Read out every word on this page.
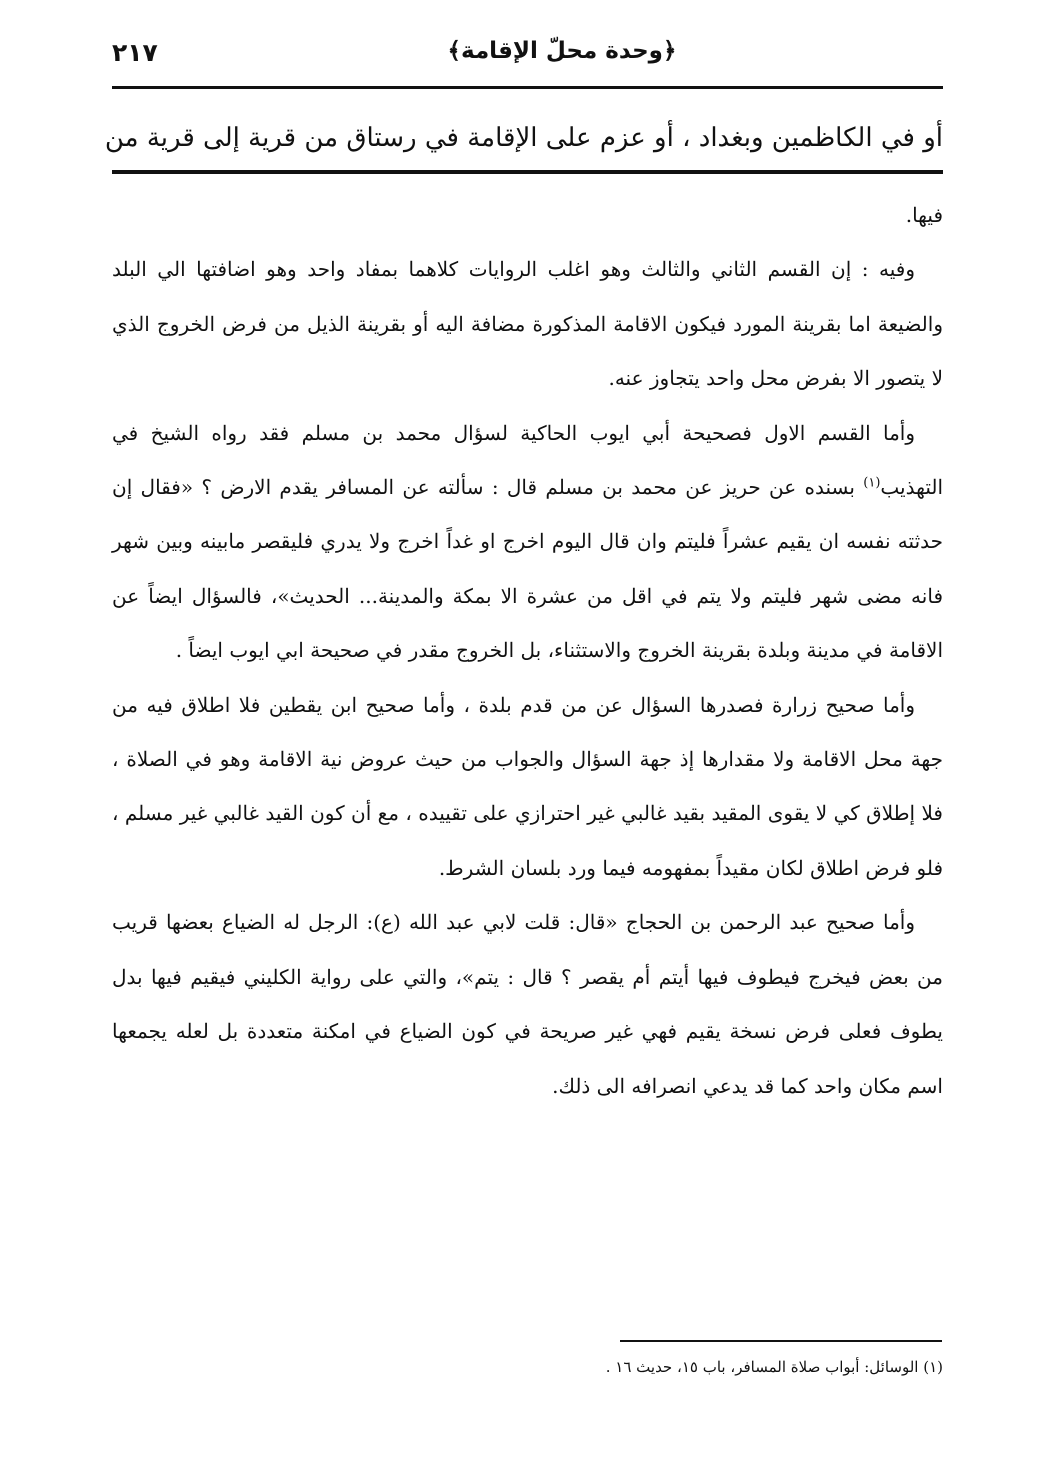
٢١٧	﴿وحدة محلّ الإقامة﴾
أو في الكاظمين وبغداد ، أو عزم على الإقامة في رستاق من قرية إلى قرية من

فيها.

وفيه : إن القسم الثاني والثالث وهو اغلب الروايات كلاهما بمفاد واحد وهو اضافتها الي البلد والضيعة اما بقرينة المورد فيكون الاقامة المذكورة مضافة اليه أو بقرينة الذيل من فرض الخروج الذي لا يتصور الا بفرض محل واحد يتجاوز عنه.

وأما القسم الاول فصحيحة أبي ايوب الحاكية لسؤال محمد بن مسلم فقد رواه الشيخ في التهذيب$^{(١)}$ بسنده عن حريز عن محمد بن مسلم قال : سألته عن المسافر يقدم الارض ؟ «فقال إن حدثته نفسه ان يقيم عشراً فليتم وان قال اليوم اخرج او غداً اخرج ولا يدري فليقصر مابينه وبين شهر فانه مضى شهر فليتم ولا يتم في اقل من عشرة الا بمكة والمدينة... الحديث»، فالسؤال ايضاً عن الاقامة في مدينة وبلدة بقرينة الخروج والاستثناء، بل الخروج مقدر في صحيحة ابي ايوب ايضاً .

وأما صحيح زرارة فصدرها السؤال عن من قدم بلدة ، وأما صحيح ابن يقطين فلا اطلاق فيه من جهة محل الاقامة ولا مقدارها إذ جهة السؤال والجواب من حيث عروض نية الاقامة وهو في الصلاة ، فلا إطلاق كي لا يقوى المقيد بقيد غالبي غير احترازي على تقييده ، مع أن كون القيد غالبي غير مسلم ، فلو فرض اطلاق لكان مقيداً بمفهومه فيما ورد بلسان الشرط.

وأما صحيح عبد الرحمن بن الحجاج «قال: قلت لابي عبد الله (ع): الرجل له الضياع بعضها قريب من بعض فيخرج فيطوف فيها أيتم أم يقصر ؟ قال : يتم»، والتي على رواية الكليني فيقيم فيها بدل يطوف فعلى فرض نسخة يقيم فهي غير صريحة في كون الضياع في امكنة متعددة بل لعله يجمعها اسم مكان واحد كما قد يدعي انصرافه الى ذلك.

(١) الوسائل: أبواب صلاة المسافر، باب ١٥، حديث ١٦ .
